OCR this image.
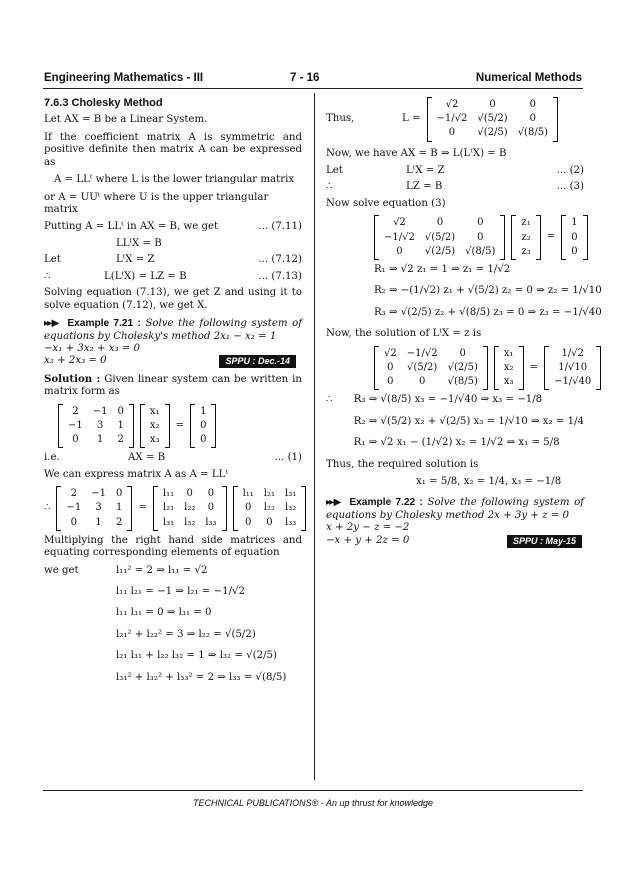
Engineering Mathematics - III	7 - 16	Numerical Methods
7.6.3 Cholesky Method
Let AX = B be a Linear System.
If the coefficient matrix A is symmetric and positive definite then matrix A can be expressed as
A = LLᵗ where L is the lower triangular matrix
or A = UUᵗ where U is the upper triangular matrix
Putting A = LLᵗ in AX = B, we get	... (7.11)
LLᵗX = B
Let	LᵗX = Z	... (7.12)
∴	L(LᵗX) = LZ = B	... (7.13)
Solving equation (7.13), we get Z and using it to solve equation (7.12), we get X.
▸▸▶ Example 7.21 : Solve the following system of equations by Cholesky's method 2x₁ − x₂ = 1
−x₁ + 3x₂ + x₃ = 0
x₂ + 2x₃ = 0	SPPU : Dec.-14
Solution : Given linear system can be written in matrix form as
2	−1	0
−1	3	1
0	1	2
x₁
x₂
x₃
=
1
0
0
i.e.	AX = B	... (1)
We can express matrix A as A = LLᵗ
∴
2	−1	0
−1	3	1
0	1	2
=
l₁₁	0	0
l₂₁	l₂₂	0
l₃₁	l₃₂	l₃₃
l₁₁	l₂₁	l₃₁
0	l₂₂	l₃₂
0	0	l₃₃
Multiplying the right hand side matrices and equating corresponding elements of equation
we get	l₁₁² = 2 ⇒ l₁₁ = √2
l₁₁ l₂₁ = −1 ⇒ l₂₁ = −1/√2
l₁₁ l₃₁ = 0 ⇒ l₃₁ = 0
l₂₁² + l₂₂² = 3 ⇒ l₂₂ = √(5/2)
l₂₁ l₃₁ + l₂₂ l₃₂ = 1 ⇒ l₃₂ = √(2/5)
l₃₁² + l₃₂² + l₃₃² = 2 ⇒ l₃₃ = √(8/5)
Thus,	L =
√2	0	0
−1/√2	√(5/2)	0
0	√(2/5)	√(8/5)
Now, we have AX = B ⇒ L(LᵗX) = B
Let	LᵗX = Z	... (2)
∴	LZ = B	... (3)
Now solve equation (3)
√2	0	0
−1/√2	√(5/2)	0
0	√(2/5)	√(8/5)
z₁
z₂
z₃
=
1
0
0
R₁ ⇒ √2 z₁ = 1 ⇒ z₁ = 1/√2
R₂ ⇒ −(1/√2) z₁ + √(5/2) z₂ = 0 ⇒ z₂ = 1/√10
R₃ ⇒ √(2/5) z₂ + √(8/5) z₃ = 0 ⇒ z₃ = −1/√40
Now, the solution of LᵗX = z is
√2	−1/√2	0
0	√(5/2)	√(2/5)
0	0	√(8/5)
x₁
x₂
x₃
=
1/√2
1/√10
−1/√40
∴	R₃ ⇒ √(8/5) x₃ = −1/√40 ⇒ x₃ = −1/8
R₂ ⇒ √(5/2) x₂ + √(2/5) x₃ = 1/√10 ⇒ x₂ = 1/4
R₁ ⇒ √2 x₁ − (1/√2) x₂ = 1/√2 ⇒ x₁ = 5/8
Thus, the required solution is
x₁ = 5/8, x₂ = 1/4, x₃ = −1/8
▸▸▶ Example 7.22 : Solve the following system of equations by Cholesky method 2x + 3y + z = 0
x + 2y − z = −2
−x + y + 2z = 0	SPPU : May-15
TECHNICAL PUBLICATIONS® - An up thrust for knowledge
